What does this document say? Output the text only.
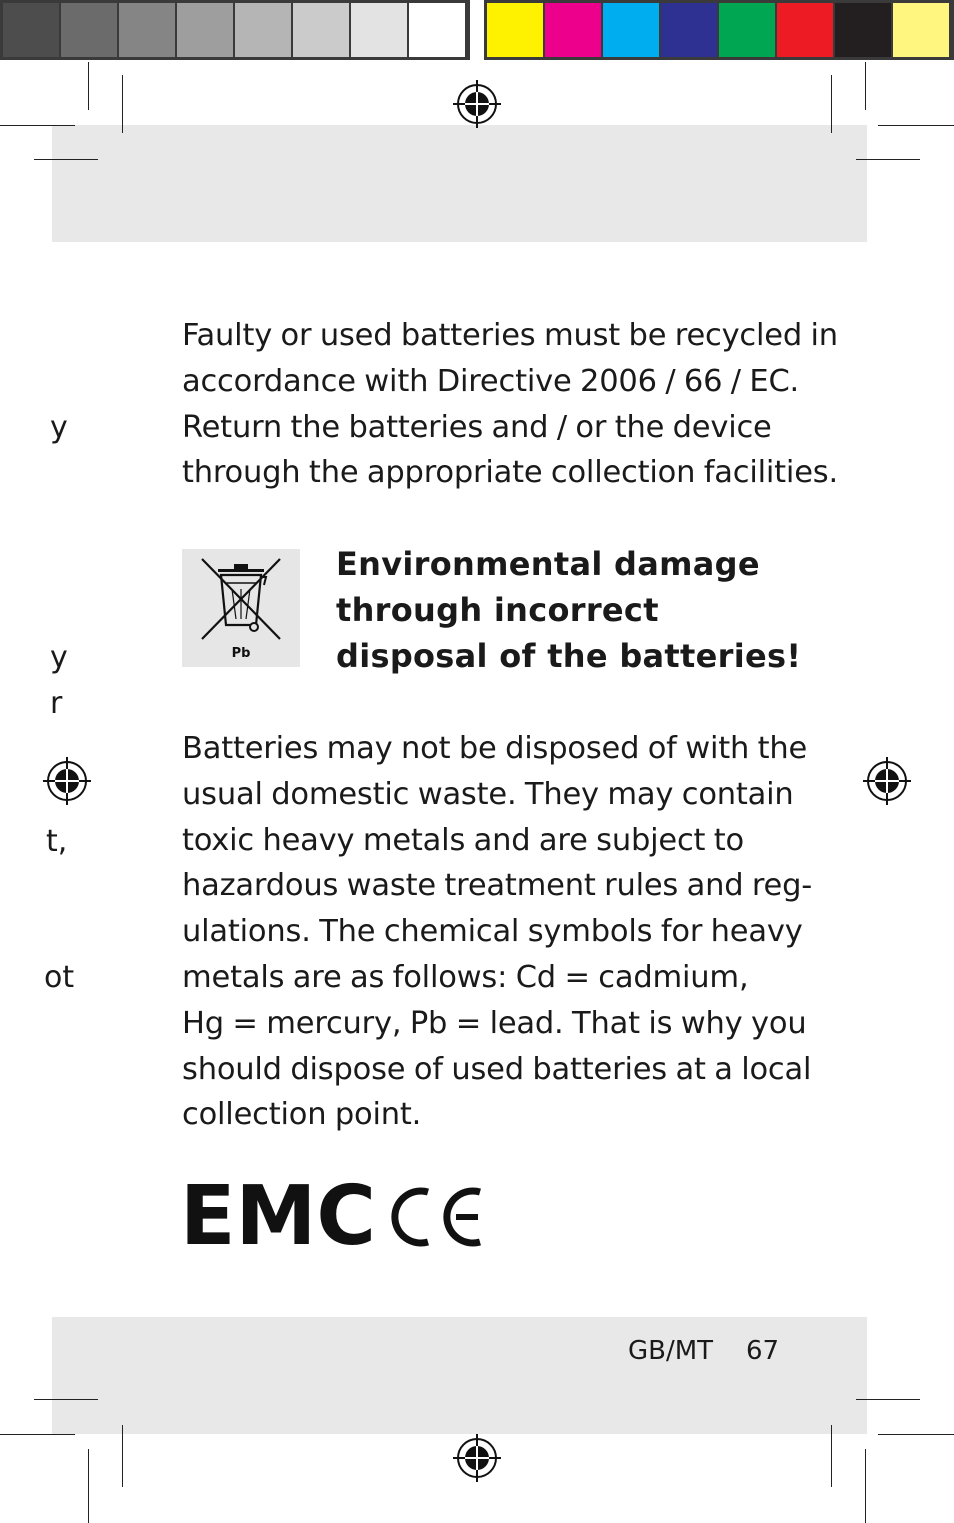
y
y
r
t,
ot

Faulty or used batteries must be recycled in
accordance with Directive 2006 / 66 / EC.
Return the batteries and / or the device
through the appropriate collection facilities.

Pb

Environmental damage
through incorrect
disposal of the batteries!

Batteries may not be disposed of with the
usual domestic waste. They may contain
toxic heavy metals and are subject to
hazardous waste treatment rules and reg-
ulations. The chemical symbols for heavy
metals are as follows: Cd = cadmium,
Hg = mercury, Pb = lead. That is why you
should dispose of used batteries at a local
collection point.

EMC
GB/MT 67
